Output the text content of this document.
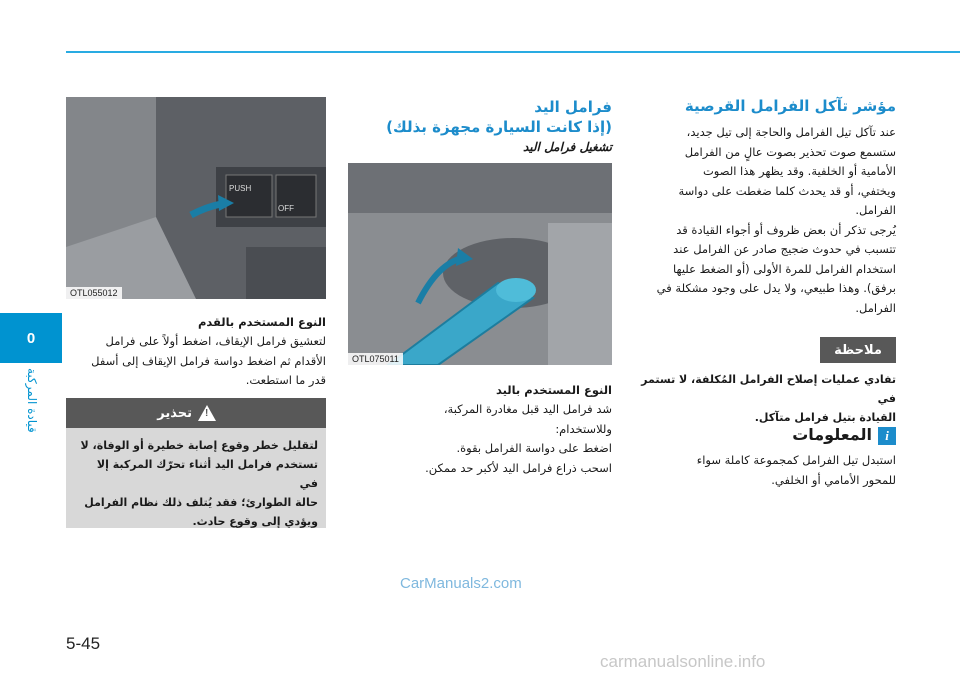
0
قيادة المركبة
مؤشر تآكل الفرامل القرصية

عند تآكل تيل الفرامل والحاجة إلى تيل جديد،

ستسمع صوت تحذير بصوت عالٍ من الفرامل

الأمامية أو الخلفية. وقد يظهر هذا الصوت

ويختفي، أو قد يحدث كلما ضغطت على دواسة

الفرامل.

يُرجى تذكر أن بعض ظروف أو أجواء القيادة قد

تتسبب في حدوث ضجيج صادر عن الفرامل عند

استخدام الفرامل للمرة الأولى (أو الضغط عليها

برفق). وهذا طبيعي، ولا يدل على وجود مشكلة في

الفرامل.

ملاحظة
تفادي عمليات إصلاح الفرامل المُكلفة، لا تستمر في
القيادة بتيل فرامل متآكل.
iالمعلومات

استبدل تيل الفرامل كمجموعة كاملة سواء

للمحور الأمامي أو الخلفي.

فرامل اليد
(إذا كانت السيارة مجهزة بذلك)
تشغيل فرامل اليد
OTL075011
النوع المستخدم باليد

شد فرامل اليد قبل مغادرة المركبة،

وللاستخدام:

اضغط على دواسة الفرامل بقوة.

اسحب ذراع فرامل اليد لأكبر حد ممكن.

PUSH
OFF
OTL055012
النوع المستخدم بالقدم

لتعشيق فرامل الإيقاف، اضغط أولاً على فرامل

الأقدام ثم اضغط دواسة فرامل الإيقاف إلى أسفل

قدر ما استطعت.

تحذير !
لتقليل خطر وقوع إصابة خطيرة أو الوفاة، لا
تستخدم فرامل اليد أثناء تحرّك المركبة إلا في
حالة الطوارئ؛ فقد يُتلف ذلك نظام الفرامل
ويؤدي إلى وقوع حادث.
CarManuals2.com
5-45
carmanualsonline.info
